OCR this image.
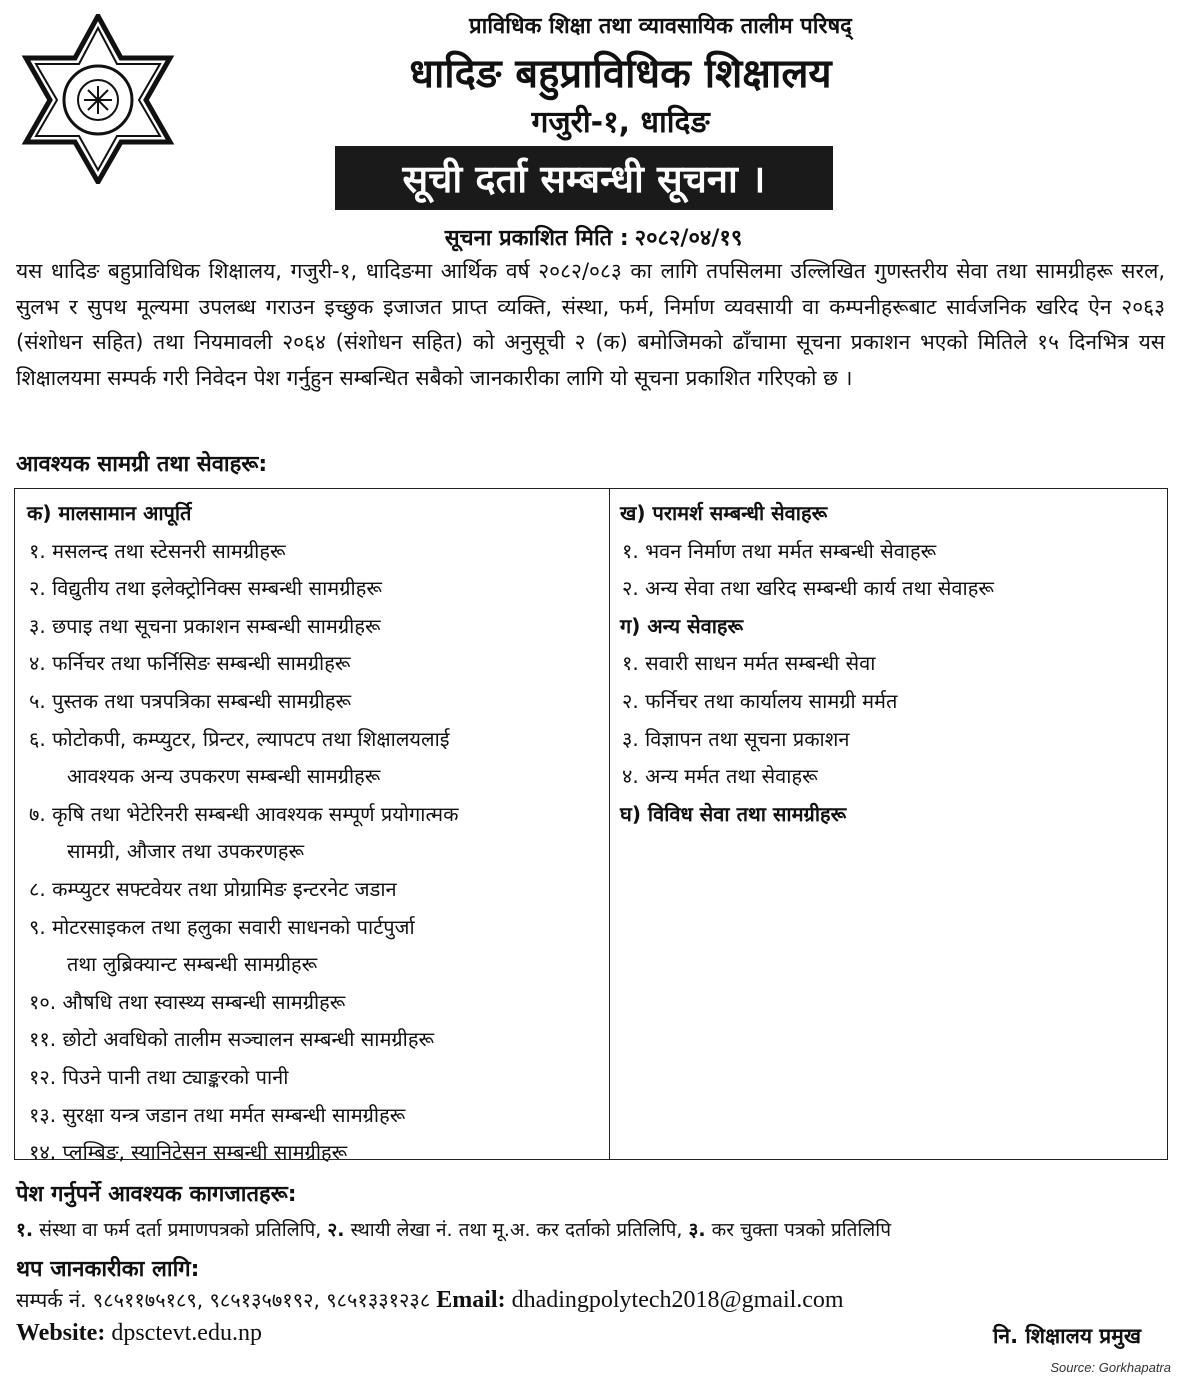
प्राविधिक शिक्षा तथा व्यावसायिक तालीम परिषद्
धादिङ बहुप्राविधिक शिक्षालय
गजुरी-१, धादिङ
सूची दर्ता सम्बन्धी सूचना ।
सूचना प्रकाशित मिति : २०८२/०४/१९

यस धादिङ बहुप्राविधिक शिक्षालय, गजुरी-१, धादिङमा आर्थिक वर्ष २०८२/०८३ का लागि तपसिलमा उल्लिखित गुणस्तरीय सेवा तथा सामग्रीहरू सरल, सुलभ र सुपथ मूल्यमा उपलब्ध गराउन इच्छुक इजाजत प्राप्त व्यक्ति, संस्था, फर्म, निर्माण व्यवसायी वा कम्पनीहरूबाट सार्वजनिक खरिद ऐन २०६३ (संशोधन सहित) तथा नियमावली २०६४ (संशोधन सहित) को अनुसूची २ (क) बमोजिमको ढाँचामा सूचना प्रकाशन भएको मितिले १५ दिनभित्र यस शिक्षालयमा सम्पर्क गरी निवेदन पेश गर्नुहुन सम्बन्धित सबैको जानकारीका लागि यो सूचना प्रकाशित गरिएको छ ।

आवश्यक सामग्री तथा सेवाहरू:
क) मालसामान आपूर्ति
१. मसलन्द तथा स्टेसनरी सामग्रीहरू
२. विद्युतीय तथा इलेक्ट्रोनिक्स सम्बन्धी सामग्रीहरू
३. छपाइ तथा सूचना प्रकाशन सम्बन्धी सामग्रीहरू
४. फर्निचर तथा फर्निसिङ सम्बन्धी सामग्रीहरू
५. पुस्तक तथा पत्रपत्रिका सम्बन्धी सामग्रीहरू
६. फोटोकपी, कम्प्युटर, प्रिन्टर, ल्यापटप तथा शिक्षालयलाई
आवश्यक अन्य उपकरण सम्बन्धी सामग्रीहरू
७. कृषि तथा भेटेरिनरी सम्बन्धी आवश्यक सम्पूर्ण प्रयोगात्मक
सामग्री, औजार तथा उपकरणहरू
८. कम्प्युटर सफ्टवेयर तथा प्रोग्रामिङ इन्टरनेट जडान
९. मोटरसाइकल तथा हलुका सवारी साधनको पार्टपुर्जा
तथा लुब्रिक्यान्ट सम्बन्धी सामग्रीहरू
१०. औषधि तथा स्वास्थ्य सम्बन्धी सामग्रीहरू
११. छोटो अवधिको तालीम सञ्चालन सम्बन्धी सामग्रीहरू
१२. पिउने पानी तथा ट्याङ्करको पानी
१३. सुरक्षा यन्त्र जडान तथा मर्मत सम्बन्धी सामग्रीहरू
१४. प्लम्बिङ, स्यानिटेसन सम्बन्धी सामग्रीहरू
ख) परामर्श सम्बन्धी सेवाहरू
१. भवन निर्माण तथा मर्मत सम्बन्धी सेवाहरू
२. अन्य सेवा तथा खरिद सम्बन्धी कार्य तथा सेवाहरू
ग) अन्य सेवाहरू
१. सवारी साधन मर्मत सम्बन्धी सेवा
२. फर्निचर तथा कार्यालय सामग्री मर्मत
३. विज्ञापन तथा सूचना प्रकाशन
४. अन्य मर्मत तथा सेवाहरू
घ) विविध सेवा तथा सामग्रीहरू
पेश गर्नुपर्ने आवश्यक कागजातहरू:
१. संस्था वा फर्म दर्ता प्रमाणपत्रको प्रतिलिपि, २. स्थायी लेखा नं. तथा मू.अ. कर दर्ताको प्रतिलिपि, ३. कर चुक्ता पत्रको प्रतिलिपि
थप जानकारीका लागि:
सम्पर्क नं. ९८५११७५१८९, ९८५१३५७१९२, ९८५१३३१२३८ Email: dhadingpolytech2018@gmail.com
Website: dpsctevt.edu.np	नि. शिक्षालय प्रमुख
Source: Gorkhapatra
